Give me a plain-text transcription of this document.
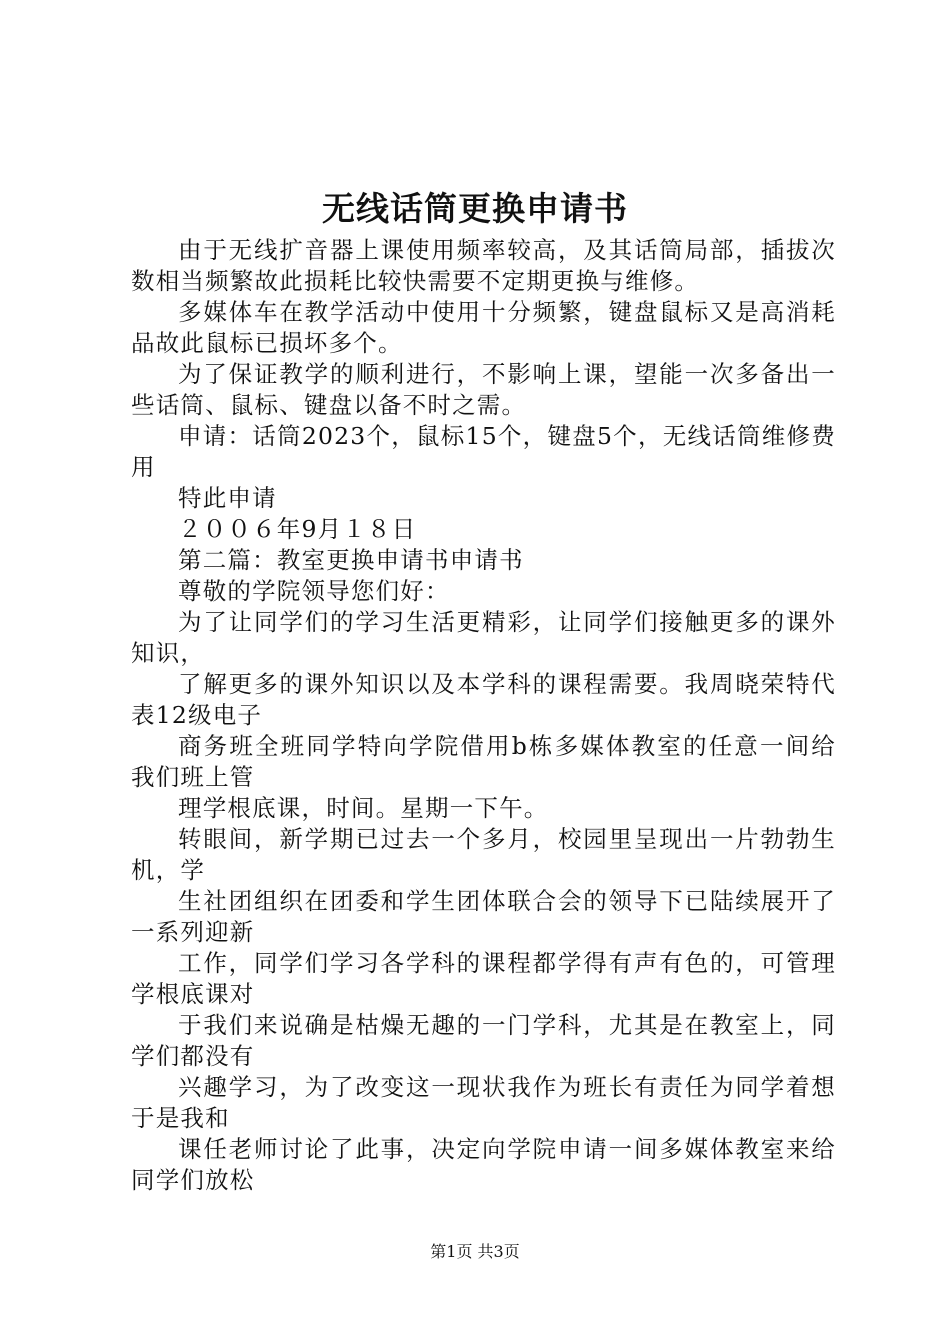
无线话筒更换申请书

由于无线扩音器上课使用频率较高，及其话筒局部，插拔次数相当频繁故此损耗比较快需要不定期更换与维修。

多媒体车在教学活动中使用十分频繁，键盘鼠标又是高消耗品故此鼠标已损坏多个。

为了保证教学的顺利进行，不影响上课，望能一次多备出一些话筒、鼠标、键盘以备不时之需。

申请：话筒2023个，鼠标15个，键盘5个，无线话筒维修费用

特此申请

２００６年9月１８日

第二篇：教室更换申请书申请书

尊敬的学院领导您们好：

为了让同学们的学习生活更精彩，让同学们接触更多的课外知识，

了解更多的课外知识以及本学科的课程需要。我周晓荣特代表12级电子

商务班全班同学特向学院借用b栋多媒体教室的任意一间给我们班上管

理学根底课，时间。星期一下午。

转眼间，新学期已过去一个多月，校园里呈现出一片勃勃生机，学

生社团组织在团委和学生团体联合会的领导下已陆续展开了一系列迎新

工作，同学们学习各学科的课程都学得有声有色的，可管理学根底课对

于我们来说确是枯燥无趣的一门学科，尤其是在教室上，同学们都没有

兴趣学习，为了改变这一现状我作为班长有责任为同学着想于是我和

课任老师讨论了此事，决定向学院申请一间多媒体教室来给同学们放松

第1页 共3页
